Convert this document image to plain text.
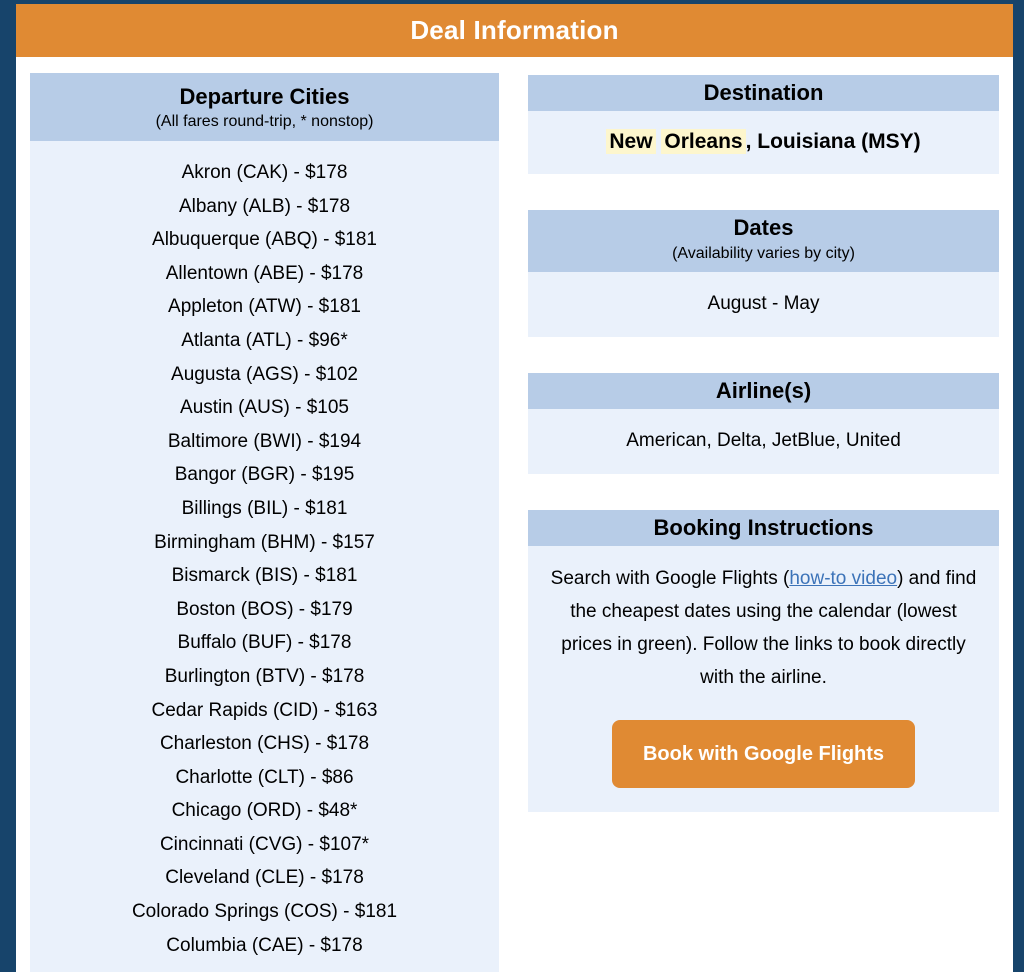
Deal Information
Departure Cities
(All fares round-trip, * nonstop)
Akron (CAK) - $178
Albany (ALB) - $178
Albuquerque (ABQ) - $181
Allentown (ABE) - $178
Appleton (ATW) - $181
Atlanta (ATL) - $96*
Augusta (AGS) - $102
Austin (AUS) - $105
Baltimore (BWI) - $194
Bangor (BGR) - $195
Billings (BIL) - $181
Birmingham (BHM) - $157
Bismarck (BIS) - $181
Boston (BOS) - $179
Buffalo (BUF) - $178
Burlington (BTV) - $178
Cedar Rapids (CID) - $163
Charleston (CHS) - $178
Charlotte (CLT) - $86
Chicago (ORD) - $48*
Cincinnati (CVG) - $107*
Cleveland (CLE) - $178
Colorado Springs (COS) - $181
Columbia (CAE) - $178
Destination
New Orleans , Louisiana (MSY)
Dates
(Availability varies by city)
August - May
Airline(s)
American, Delta, JetBlue, United
Booking Instructions
Search with Google Flights (how-to video) and find the cheapest dates using the calendar (lowest prices in green). Follow the links to book directly with the airline.
Book with Google Flights
